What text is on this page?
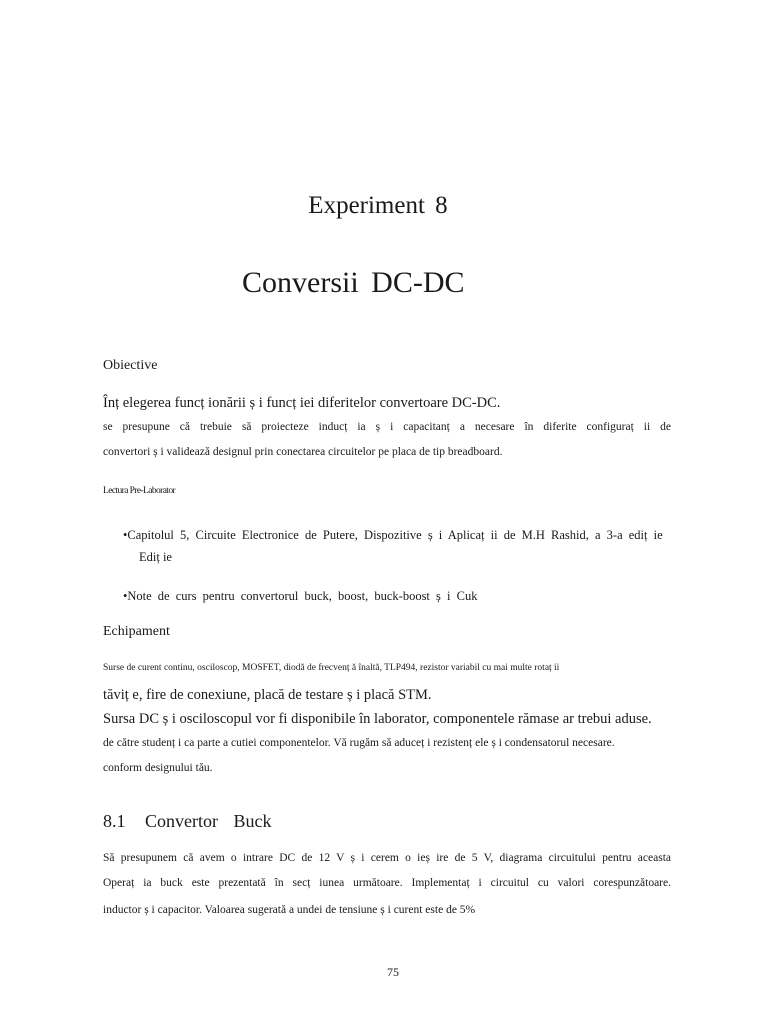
Experiment 8
Conversii DC-DC
Obiective
Înț elegerea funcț ionării ș i funcț iei diferitelor convertoare DC-DC.
se presupune că trebuie să proiecteze inducț ia ș i capacitanț a necesare în diferite configuraț ii de
convertori ș i validează designul prin conectarea circuitelor pe placa de tip breadboard.
Lectura Pre-Laborator
•Capitolul 5, Circuite Electronice de Putere, Dispozitive ș i Aplicaț ii de M.H Rashid, a 3-a ediț ie
Ediț ie
•Note de curs pentru convertorul buck, boost, buck-boost ș i Cuk
Echipament
Surse de curent continu, osciloscop, MOSFET, diodă de frecvenț ă înaltă, TLP494, rezistor variabil cu mai multe rotaț ii
tăviț e, fire de conexiune, placă de testare ș i placă STM.
Sursa DC ș i osciloscopul vor fi disponibile în laborator, componentele rămase ar trebui aduse.
de către studenț i ca parte a cutiei componentelor. Vă rugăm să aduceț i rezistenț ele ș i condensatorul necesare.
conform designului tău.
8.1 Convertor Buck
Să presupunem că avem o intrare DC de 12 V ș i cerem o ieș ire de 5 V, diagrama circuitului pentru aceasta
Operaț ia buck este prezentată în secț iunea următoare. Implementaț i circuitul cu valori corespunzătoare.
inductor ș i capacitor. Valoarea sugerată a undei de tensiune ș i curent este de 5%
75
